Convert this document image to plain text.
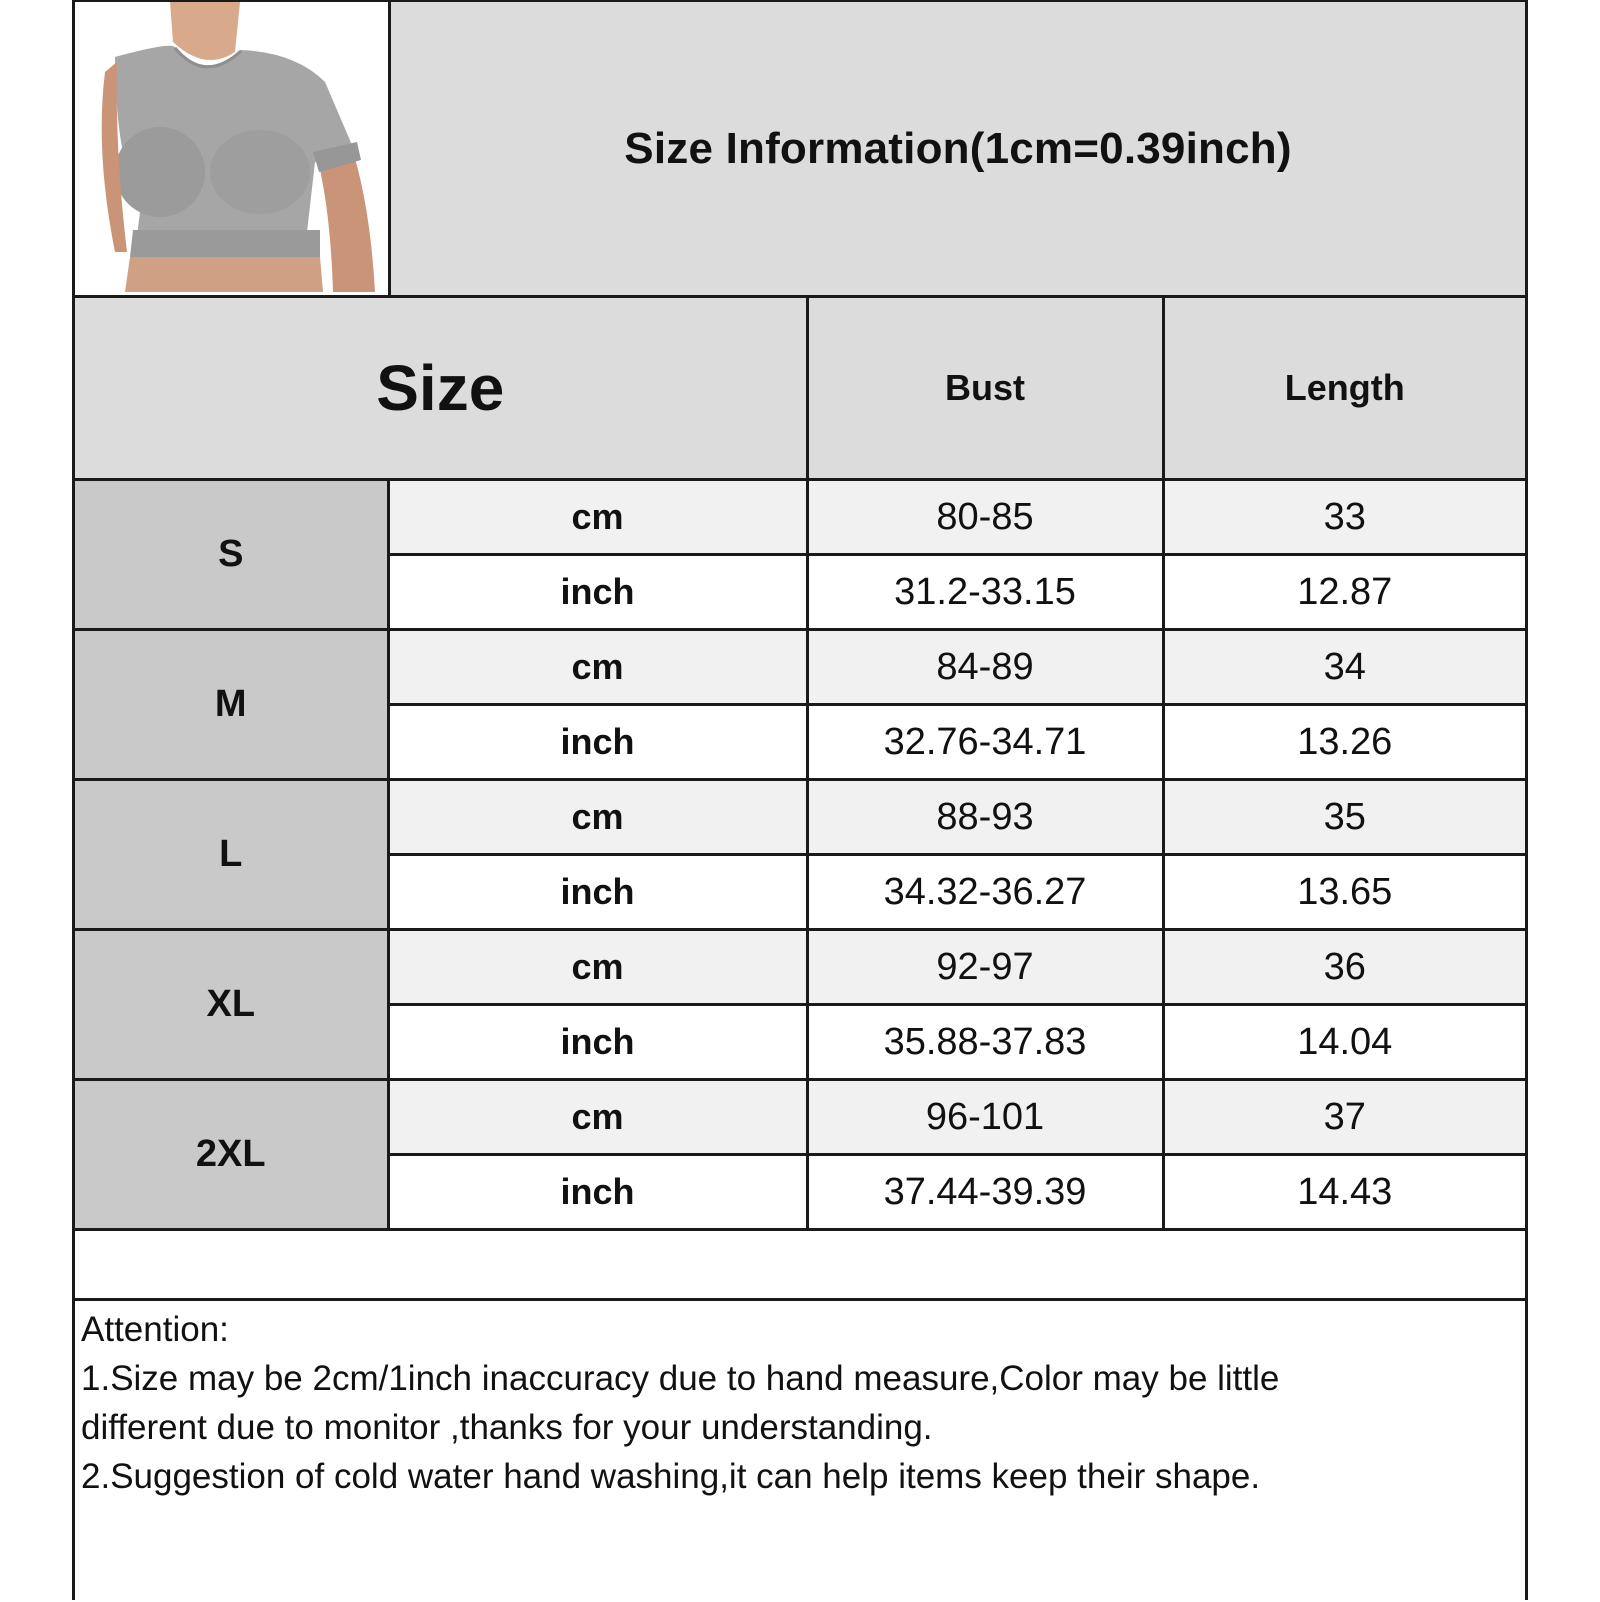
Size Information(1cm=0.39inch)
Size		Bust	Length
S	cm	80-85	33
	inch	31.2-33.15	12.87
M	cm	84-89	34
	inch	32.76-34.71	13.26
L	cm	88-93	35
	inch	34.32-36.27	13.65
XL	cm	92-97	36
	inch	35.88-37.83	14.04
2XL	cm	96-101	37
	inch	37.44-39.39	14.43

Attention:

1.Size may be 2cm/1inch inaccuracy due to hand measure,Color may be little

different due to monitor ,thanks for your understanding.

2.Suggestion of cold water hand washing,it can help items keep their shape.
